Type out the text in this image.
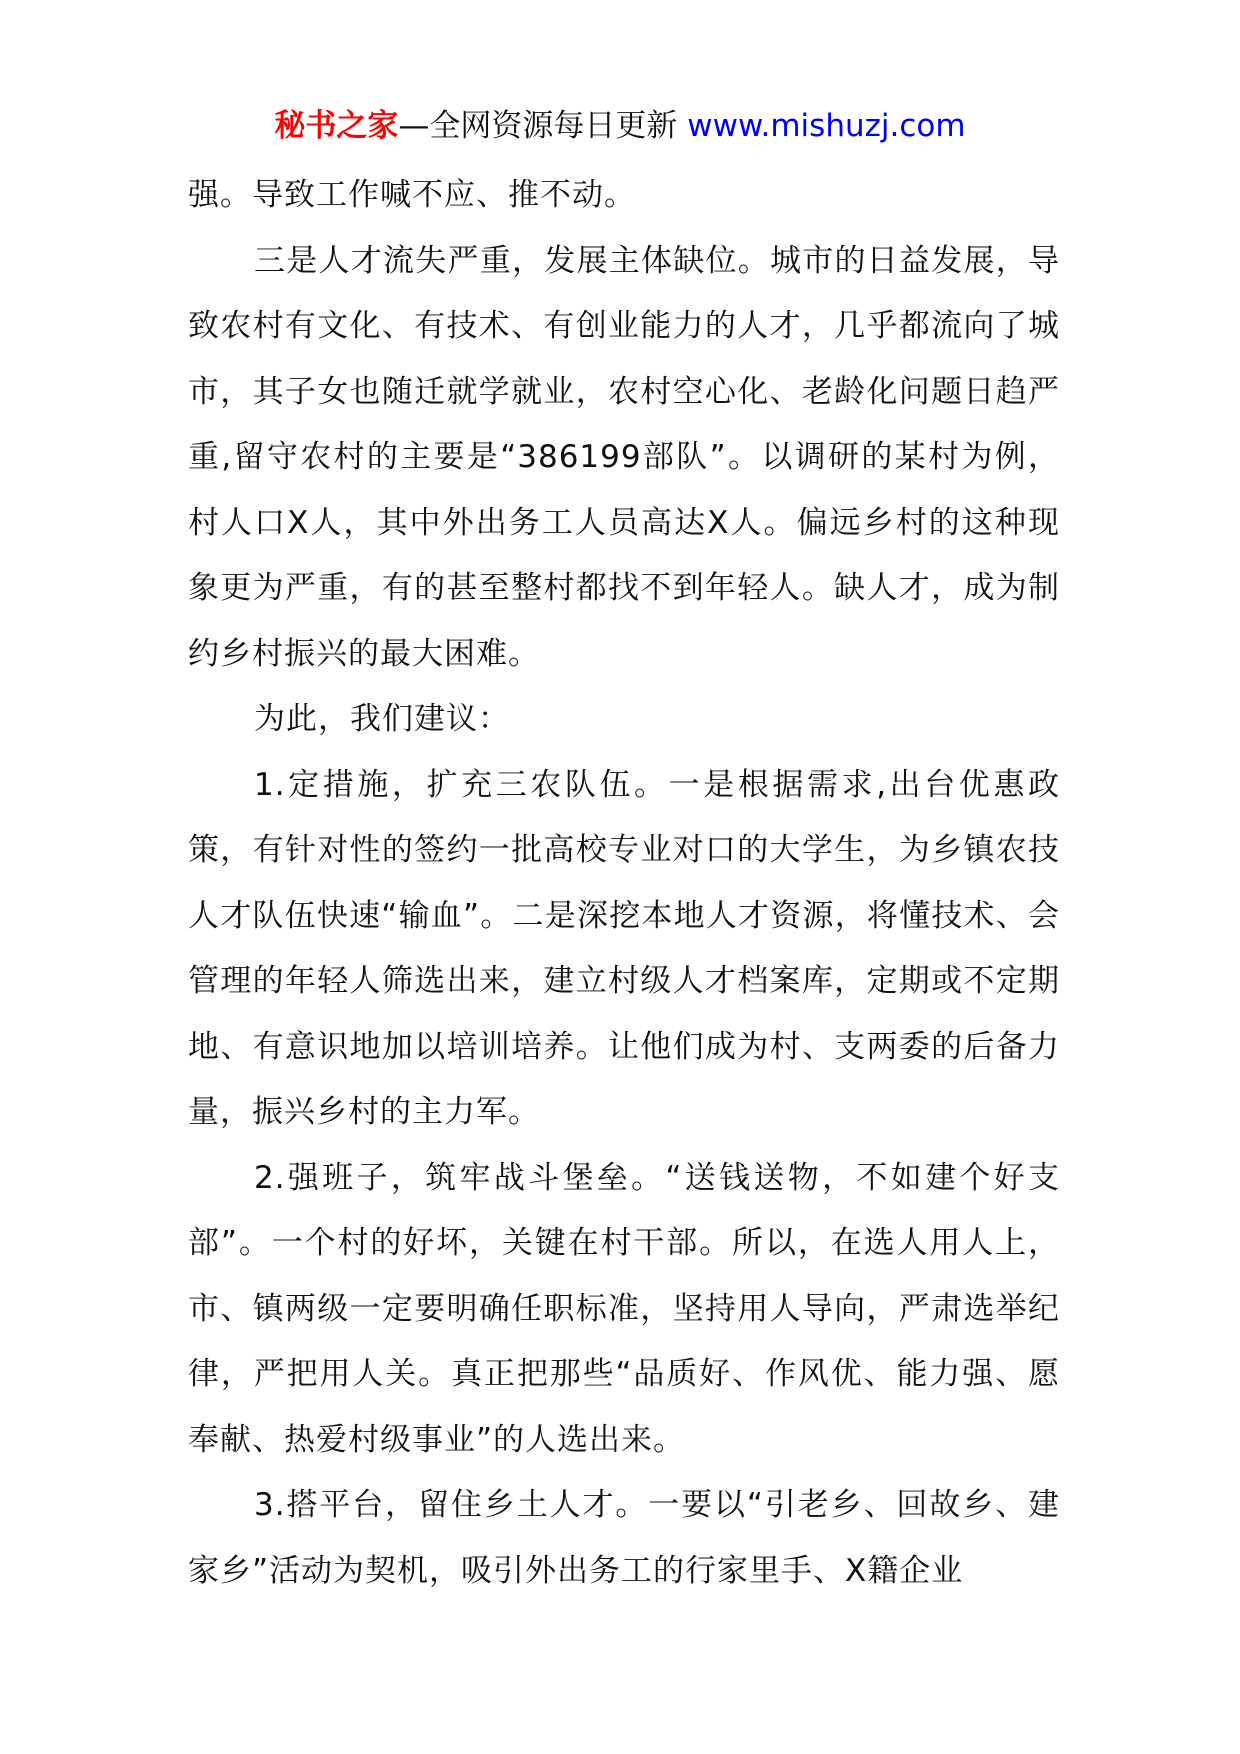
秘书之家—全网资源每日更新 www.mishuzj.com

强。导致工作喊不应、推不动。

三是人才流失严重，发展主体缺位。城市的日益发展，导致农村有文化、有技术、有创业能力的人才，几乎都流向了城市，其子女也随迁就学就业，农村空心化、老龄化问题日趋严重,留守农村的主要是“386199部队”。以调研的某村为例，村人口X人，其中外出务工人员高达X人。偏远乡村的这种现象更为严重，有的甚至整村都找不到年轻人。缺人才，成为制约乡村振兴的最大困难。

为此，我们建议：

1.定措施，扩充三农队伍。一是根据需求,出台优惠政策，有针对性的签约一批高校专业对口的大学生，为乡镇农技人才队伍快速“输血”。二是深挖本地人才资源，将懂技术、会管理的年轻人筛选出来，建立村级人才档案库，定期或不定期地、有意识地加以培训培养。让他们成为村、支两委的后备力量，振兴乡村的主力军。

2.强班子，筑牢战斗堡垒。“送钱送物，不如建个好支部”。一个村的好坏，关键在村干部。所以，在选人用人上，市、镇两级一定要明确任职标准，坚持用人导向，严肃选举纪律，严把用人关。真正把那些“品质好、作风优、能力强、愿奉献、热爱村级事业”的人选出来。

3.搭平台，留住乡土人才。一要以“引老乡、回故乡、建家乡”活动为契机，吸引外出务工的行家里手、X籍企业
